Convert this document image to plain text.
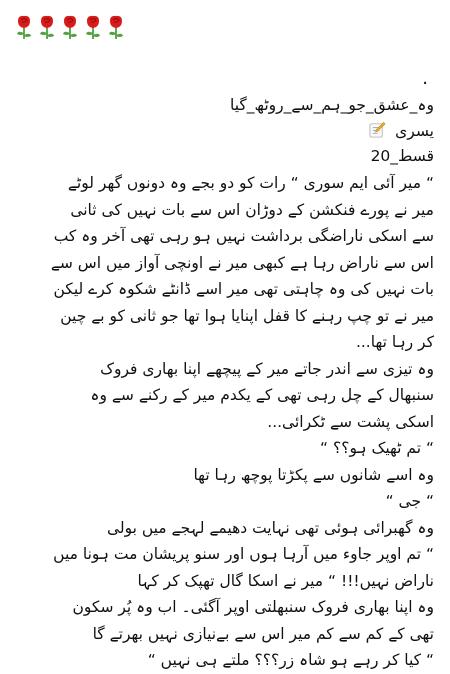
.
وہ_عشق_جو_ہم_سے_روٹھ_گیا
یسری
قسط_20

“ میر آئی ایم سوری “ رات کو دو بجے وہ دونوں گھر لوٹے

میر نے پورے فنکشن کے دوڑان اس سے بات نہیں کی ثانی

سے اسکی ناراضگی برداشت نہیں ہو رہی تھی آخر وہ کب

اس سے ناراض رہا ہے کبھی میر نے اونچی آواز میں اس سے

بات نہیں کی وہ چاہتی تھی میر اسے ڈانٹے شکوہ کرے لیکن

میر نے تو چپ رہنے کا قفل اپنایا ہوا تھا جو ثانی کو بے چین

کر رہا تھا...

وہ تیزی سے اندر جاتے میر کے پیچھے اپنا بھاری فروک

سنبھال کے چل رہی تھی کے یکدم میر کے رکنے سے وہ

اسکی پشت سے ٹکرائی...

“ تم ٹھیک ہو؟؟ “

وہ اسے شانوں سے پکڑتا پوچھ رہا تھا

“ جی “

وہ گھبرائی ہوئی تھی نہایت دھیمے لہجے میں بولی

“ تم اوپر جاوء میں آرہا ہوں اور سنو پریشان مت ہونا میں

ناراض نہیں!!! “ میر نے اسکا گال تھپک کر کہا

وہ اپنا بھاری فروک سنبھلتی اوپر آگئی۔ اب وہ پُر سکون

تھی کے کم سے کم میر اس سے بےنیازی نہیں بھرتے گا

“ کیا کر رہے ہو شاہ زر؟؟؟ ملتے ہی نہیں “
